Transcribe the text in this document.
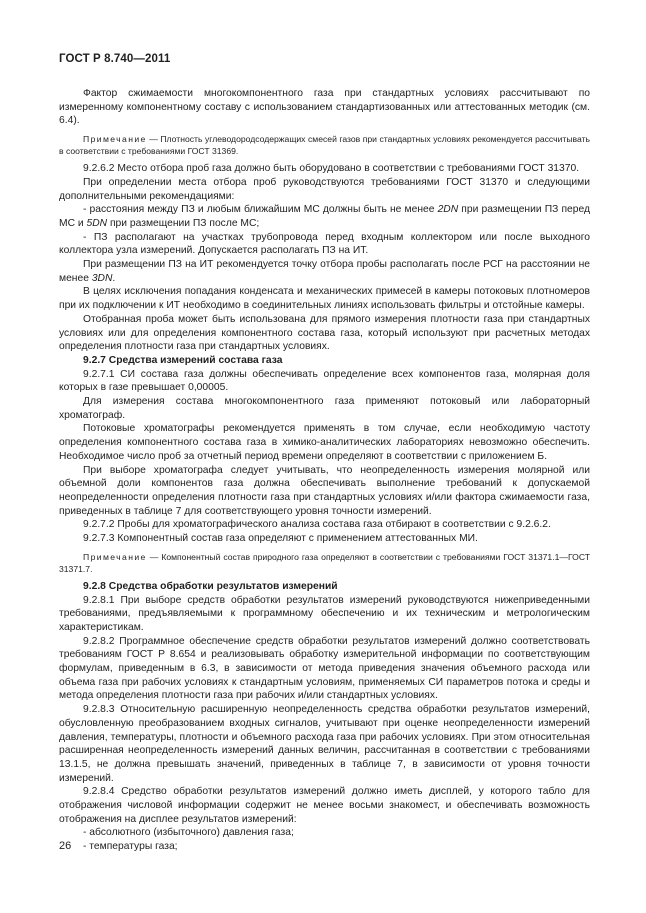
ГОСТ Р 8.740—2011

Фактор сжимаемости многокомпонентного газа при стандартных условиях рассчитывают по измеренному компонентному составу с использованием стандартизованных или аттестованных методик (см. 6.4).

Примечание — Плотность углеводородсодержащих смесей газов при стандартных условиях рекомендуется рассчитывать в соответствии с требованиями ГОСТ 31369.

9.2.6.2 Место отбора проб газа должно быть оборудовано в соответствии с требованиями ГОСТ 31370.

При определении места отбора проб руководствуются требованиями ГОСТ 31370 и следующими дополнительными рекомендациями:

- расстояния между ПЗ и любым ближайшим МС должны быть не менее 2DN при размещении ПЗ перед МС и 5DN при размещении ПЗ после МС;

- ПЗ располагают на участках трубопровода перед входным коллектором или после выходного коллектора узла измерений. Допускается располагать ПЗ на ИТ.

При размещении ПЗ на ИТ рекомендуется точку отбора пробы располагать после РСГ на расстоянии не менее 3DN.

В целях исключения попадания конденсата и механических примесей в камеры потоковых плотномеров при их подключении к ИТ необходимо в соединительных линиях использовать фильтры и отстойные камеры.

Отобранная проба может быть использована для прямого измерения плотности газа при стандартных условиях или для определения компонентного состава газа, который используют при расчетных методах определения плотности газа при стандартных условиях.

9.2.7 Средства измерений состава газа

9.2.7.1 СИ состава газа должны обеспечивать определение всех компонентов газа, молярная доля которых в газе превышает 0,00005.

Для измерения состава многокомпонентного газа применяют потоковый или лабораторный хроматограф.

Потоковые хроматографы рекомендуется применять в том случае, если необходимую частоту определения компонентного состава газа в химико-аналитических лабораториях невозможно обеспечить. Необходимое число проб за отчетный период времени определяют в соответствии с приложением Б.

При выборе хроматографа следует учитывать, что неопределенность измерения молярной или объемной доли компонентов газа должна обеспечивать выполнение требований к допускаемой неопределенности определения плотности газа при стандартных условиях и/или фактора сжимаемости газа, приведенных в таблице 7 для соответствующего уровня точности измерений.

9.2.7.2 Пробы для хроматографического анализа состава газа отбирают в соответствии с 9.2.6.2.

9.2.7.3 Компонентный состав газа определяют с применением аттестованных МИ.

Примечание — Компонентный состав природного газа определяют в соответствии с требованиями ГОСТ 31371.1—ГОСТ 31371.7.

9.2.8 Средства обработки результатов измерений

9.2.8.1 При выборе средств обработки результатов измерений руководствуются нижеприведенными требованиями, предъявляемыми к программному обеспечению и их техническим и метрологическим характеристикам.

9.2.8.2 Программное обеспечение средств обработки результатов измерений должно соответствовать требованиям ГОСТ Р 8.654 и реализовывать обработку измерительной информации по соответствующим формулам, приведенным в 6.3, в зависимости от метода приведения значения объемного расхода или объема газа при рабочих условиях к стандартным условиям, применяемых СИ параметров потока и среды и метода определения плотности газа при рабочих и/или стандартных условиях.

9.2.8.3 Относительную расширенную неопределенность средства обработки результатов измерений, обусловленную преобразованием входных сигналов, учитывают при оценке неопределенности измерений давления, температуры, плотности и объемного расхода газа при рабочих условиях. При этом относительная расширенная неопределенность измерений данных величин, рассчитанная в соответствии с требованиями 13.1.5, не должна превышать значений, приведенных в таблице 7, в зависимости от уровня точности измерений.

9.2.8.4 Средство обработки результатов измерений должно иметь дисплей, у которого табло для отображения числовой информации содержит не менее восьми знакомест, и обеспечивать возможность отображения на дисплее результатов измерений:

- абсолютного (избыточного) давления газа;

- температуры газа;

26
